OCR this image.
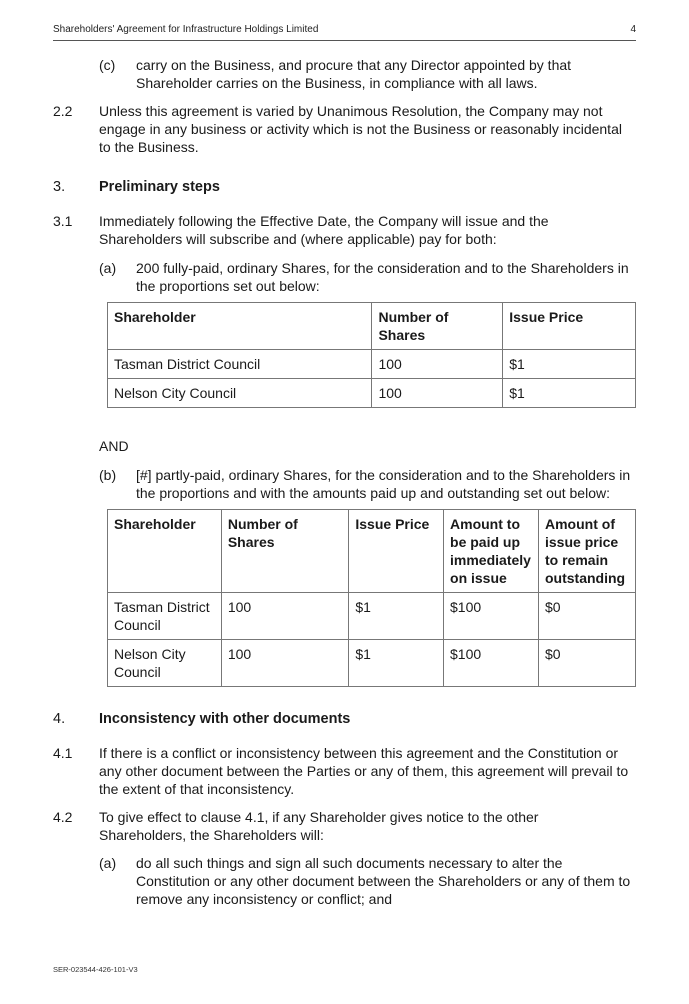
Shareholders' Agreement for Infrastructure Holdings Limited	4
(c) carry on the Business, and procure that any Director appointed by that
Shareholder carries on the Business, in compliance with all laws.
2.2 Unless this agreement is varied by Unanimous Resolution, the Company may not
engage in any business or activity which is not the Business or reasonably incidental
to the Business.
3. Preliminary steps
3.1 Immediately following the Effective Date, the Company will issue and the
Shareholders will subscribe and (where applicable) pay for both:
(a) 200 fully-paid, ordinary Shares, for the consideration and to the Shareholders in
the proportions set out below:
Shareholder	Number of Shares	Issue Price
Tasman District Council	100	$1
Nelson City Council	100	$1
AND
(b) [#] partly-paid, ordinary Shares, for the consideration and to the Shareholders in
the proportions and with the amounts paid up and outstanding set out below:
Shareholder	Number of Shares	Issue Price	Amount to be paid up immediately on issue	Amount of issue price to remain outstanding
Tasman District Council	100	$1	$100	$0
Nelson City Council	100	$1	$100	$0
4. Inconsistency with other documents
4.1 If there is a conflict or inconsistency between this agreement and the Constitution or
any other document between the Parties or any of them, this agreement will prevail to
the extent of that inconsistency.
4.2 To give effect to clause 4.1, if any Shareholder gives notice to the other
Shareholders, the Shareholders will:
(a) do all such things and sign all such documents necessary to alter the
Constitution or any other document between the Shareholders or any of them to
remove any inconsistency or conflict; and
SER-023544-426-101-V3
